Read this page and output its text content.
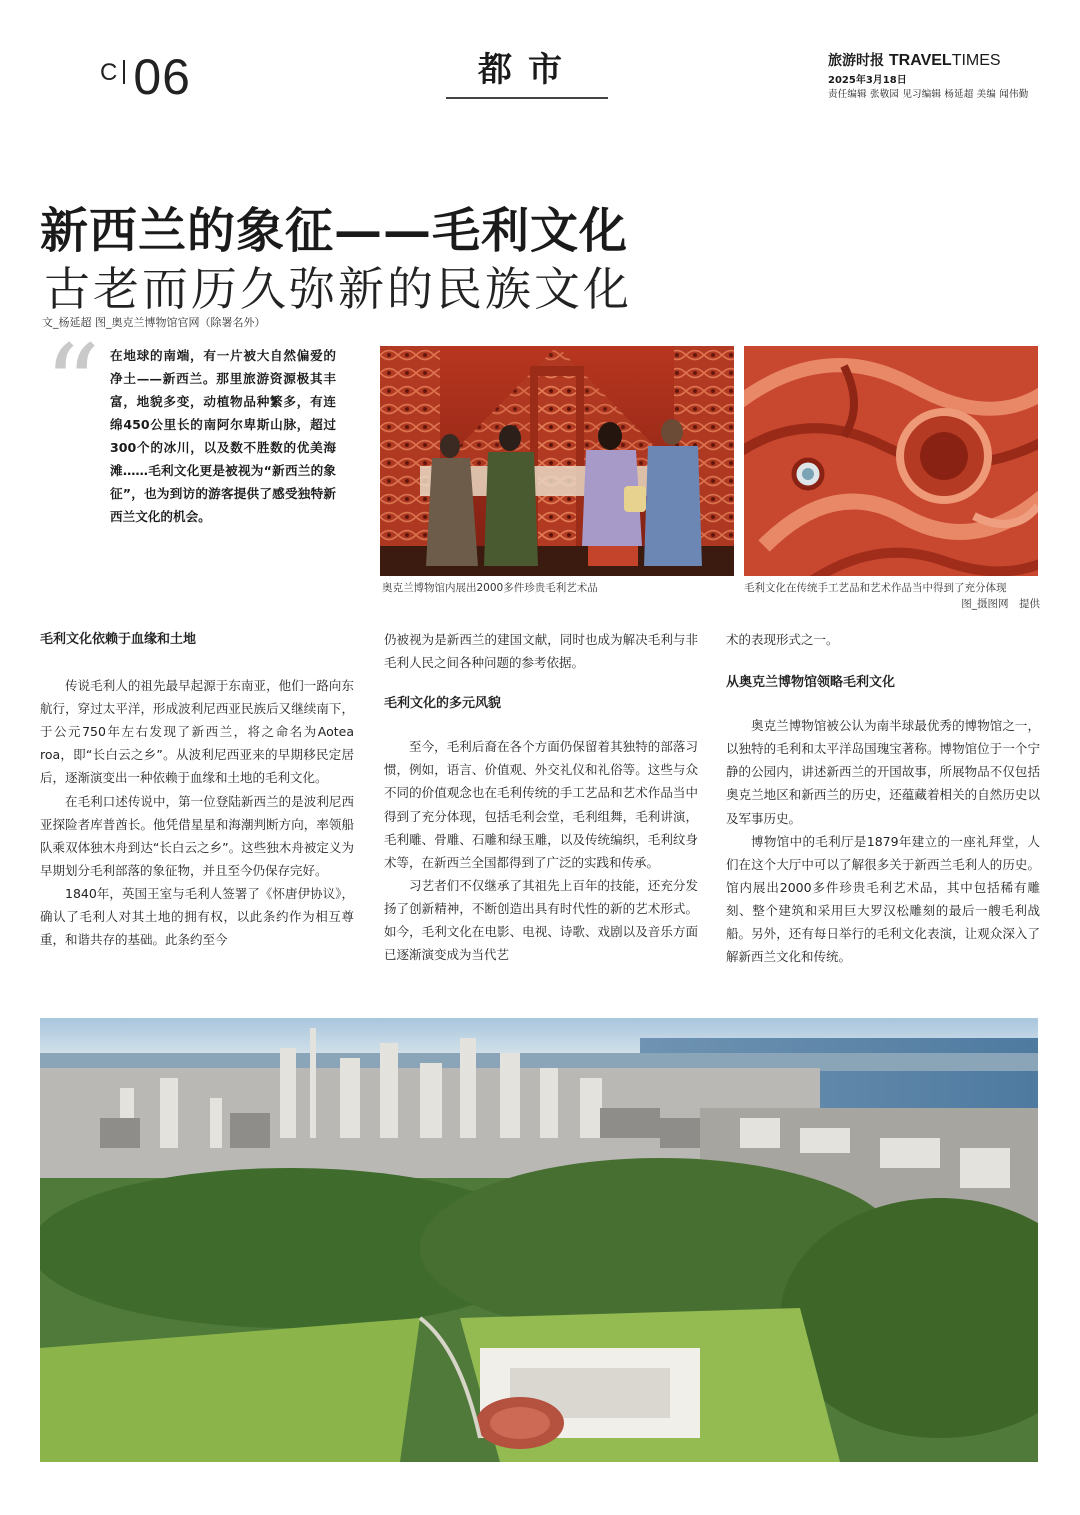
C 06	都市	旅游时报 TRAVELTIMES
2025年3月18日
责任编辑 张敬园 见习编辑 杨延超 美编 闻伟勤
新西兰的象征——毛利文化
古老而历久弥新的民族文化
文_杨延超 图_奥克兰博物馆官网（除署名外）
“ 在地球的南端，有一片被大自然偏爱的净土——新西兰。那里旅游资源极其丰富，地貌多变，动植物品种繁多，有连绵450公里长的南阿尔卑斯山脉，超过300个的冰川，以及数不胜数的优美海滩……毛利文化更是被视为“新西兰的象征”，也为到访的游客提供了感受独特新西兰文化的机会。
奥克兰博物馆内展出2000多件珍贵毛利艺术品	毛利文化在传统手工艺品和艺术作品当中得到了充分体现
图_摄图网　提供

毛利文化依赖于血缘和土地

传说毛利人的祖先最早起源于东南亚，他们一路向东航行，穿过太平洋，形成波利尼西亚民族后又继续南下，于公元750年左右发现了新西兰，将之命名为Aotea roa，即“长白云之乡”。从波利尼西亚来的早期移民定居后，逐渐演变出一种依赖于血缘和土地的毛利文化。

在毛利口述传说中，第一位登陆新西兰的是波利尼西亚探险者库普酋长。他凭借星星和海潮判断方向，率领船队乘双体独木舟到达“长白云之乡”。这些独木舟被定义为早期划分毛利部落的象征物，并且至今仍保存完好。

1840年，英国王室与毛利人签署了《怀唐伊协议》，确认了毛利人对其土地的拥有权，以此条约作为相互尊重，和谐共存的基础。此条约至今

仍被视为是新西兰的建国文献，同时也成为解决毛利与非毛利人民之间各种问题的参考依据。

毛利文化的多元风貌

至今，毛利后裔在各个方面仍保留着其独特的部落习惯，例如，语言、价值观、外交礼仪和礼俗等。这些与众不同的价值观念也在毛利传统的手工艺品和艺术作品当中得到了充分体现，包括毛利会堂，毛利组舞，毛利讲演，毛利雕、骨雕、石雕和绿玉雕，以及传统编织，毛利纹身术等，在新西兰全国都得到了广泛的实践和传承。

习艺者们不仅继承了其祖先上百年的技能，还充分发扬了创新精神，不断创造出具有时代性的新的艺术形式。如今，毛利文化在电影、电视、诗歌、戏剧以及音乐方面已逐渐演变成为当代艺

术的表现形式之一。

从奥克兰博物馆领略毛利文化

奥克兰博物馆被公认为南半球最优秀的博物馆之一，以独特的毛利和太平洋岛国瑰宝著称。博物馆位于一个宁静的公园内，讲述新西兰的开国故事，所展物品不仅包括奥克兰地区和新西兰的历史，还蕴藏着相关的自然历史以及军事历史。

博物馆中的毛利厅是1879年建立的一座礼拜堂，人们在这个大厅中可以了解很多关于新西兰毛利人的历史。馆内展出2000多件珍贵毛利艺术品，其中包括稀有雕刻、整个建筑和采用巨大罗汉松雕刻的最后一艘毛利战船。另外，还有每日举行的毛利文化表演，让观众深入了解新西兰文化和传统。
